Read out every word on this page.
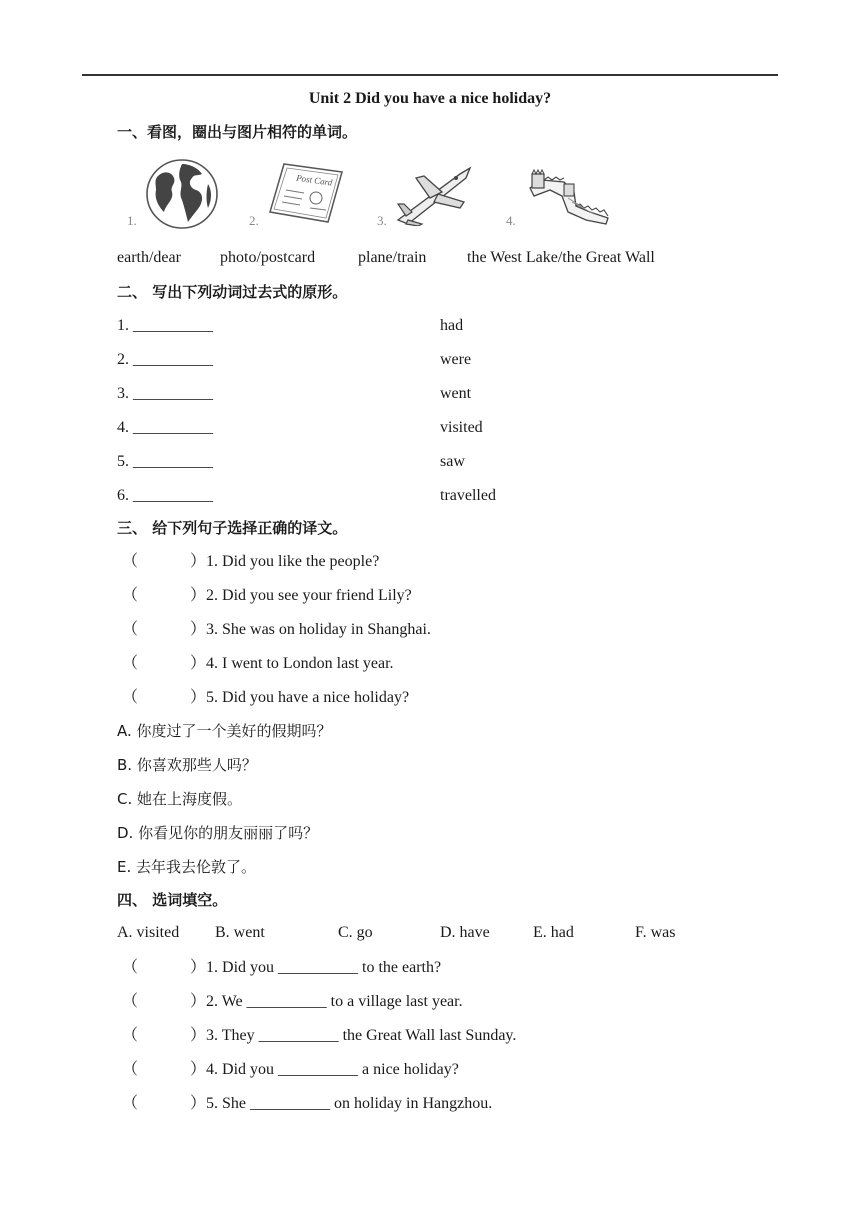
Unit 2 Did you have a nice holiday?
一、看图，圈出与图片相符的单词。
1.	2.
Post Card
3.	4.
earth/dear photo/postcard	plane/train	the West Lake/the Great Wall
二、 写出下列动词过去式的原形。
1. __________	had
2. __________	were
3. __________	went
4. __________	visited
5. __________	saw
6. __________	travelled
三、 给下列句子选择正确的译文。
（	）1. Did you like the people?
（	）2. Did you see your friend Lily?
（	）3. She was on holiday in Shanghai.
（	）4. I went to London last year.
（	）5. Did you have a nice holiday?
A. 你度过了一个美好的假期吗？
B. 你喜欢那些人吗？
C. 她在上海度假。
D. 你看见你的朋友丽丽了吗？
E. 去年我去伦敦了。
四、 选词填空。
A. visited B. went	C. go	D. have	E. had	F. was
（	）1. Did you __________ to the earth?
（	）2. We __________ to a village last year.
（	）3. They __________ the Great Wall last Sunday.
（	）4. Did you __________ a nice holiday?
（	）5. She __________ on holiday in Hangzhou.
